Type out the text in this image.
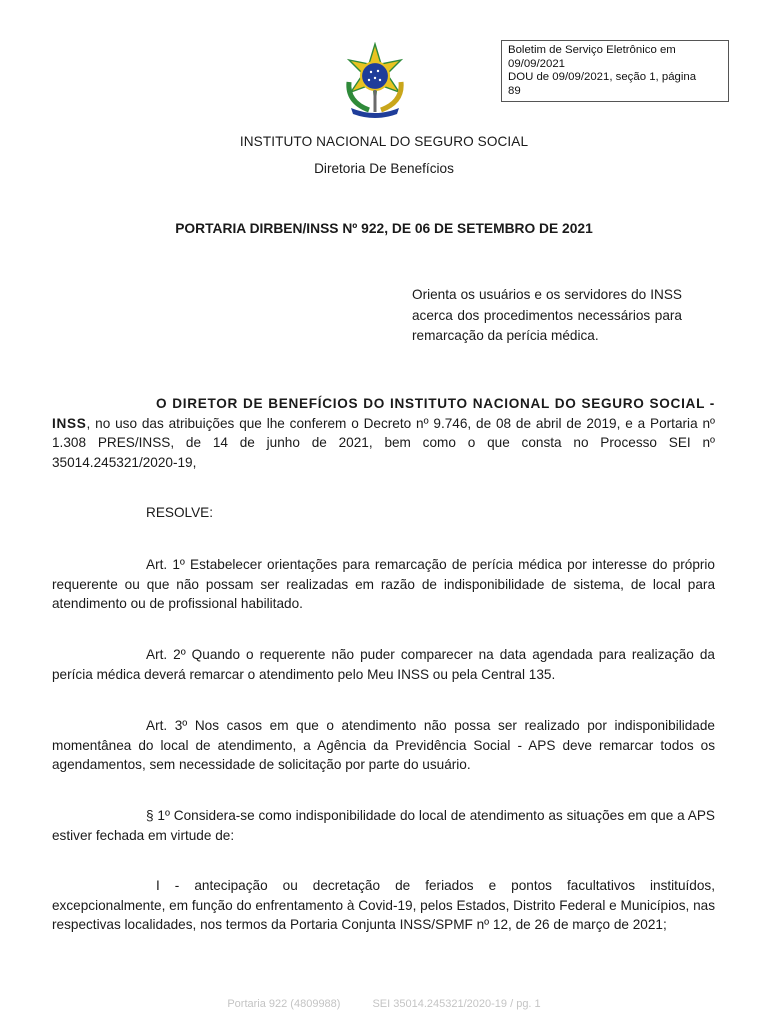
Boletim de Serviço Eletrônico em
09/09/2021
DOU de 09/09/2021, seção 1, página
89
INSTITUTO NACIONAL DO SEGURO SOCIAL
Diretoria De Benefícios
PORTARIA DIRBEN/INSS Nº 922, DE 06 DE SETEMBRO DE 2021
Orienta os usuários e os servidores do INSS acerca dos procedimentos necessários para remarcação da perícia médica.
O DIRETOR DE BENEFÍCIOS DO INSTITUTO NACIONAL DO SEGURO SOCIAL - INSS, no uso das atribuições que lhe conferem o Decreto nº 9.746, de 08 de abril de 2019, e a Portaria nº 1.308 PRES/INSS, de 14 de junho de 2021, bem como o que consta no Processo SEI nº 35014.245321/2020-19,
RESOLVE:
Art. 1º Estabelecer orientações para remarcação de perícia médica por interesse do próprio requerente ou que não possam ser realizadas em razão de indisponibilidade de sistema, de local para atendimento ou de profissional habilitado.
Art. 2º Quando o requerente não puder comparecer na data agendada para realização da perícia médica deverá remarcar o atendimento pelo Meu INSS ou pela Central 135.
Art. 3º Nos casos em que o atendimento não possa ser realizado por indisponibilidade momentânea do local de atendimento, a Agência da Previdência Social - APS deve remarcar todos os agendamentos, sem necessidade de solicitação por parte do usuário.
§ 1º Considera-se como indisponibilidade do local de atendimento as situações em que a APS estiver fechada em virtude de:
I - antecipação ou decretação de feriados e pontos facultativos instituídos, excepcionalmente, em função do enfrentamento à Covid-19, pelos Estados, Distrito Federal e Municípios, nas respectivas localidades, nos termos da Portaria Conjunta INSS/SPMF nº 12, de 26 de março de 2021;
Portaria 922 (4809988)	SEI 35014.245321/2020-19 / pg. 1
